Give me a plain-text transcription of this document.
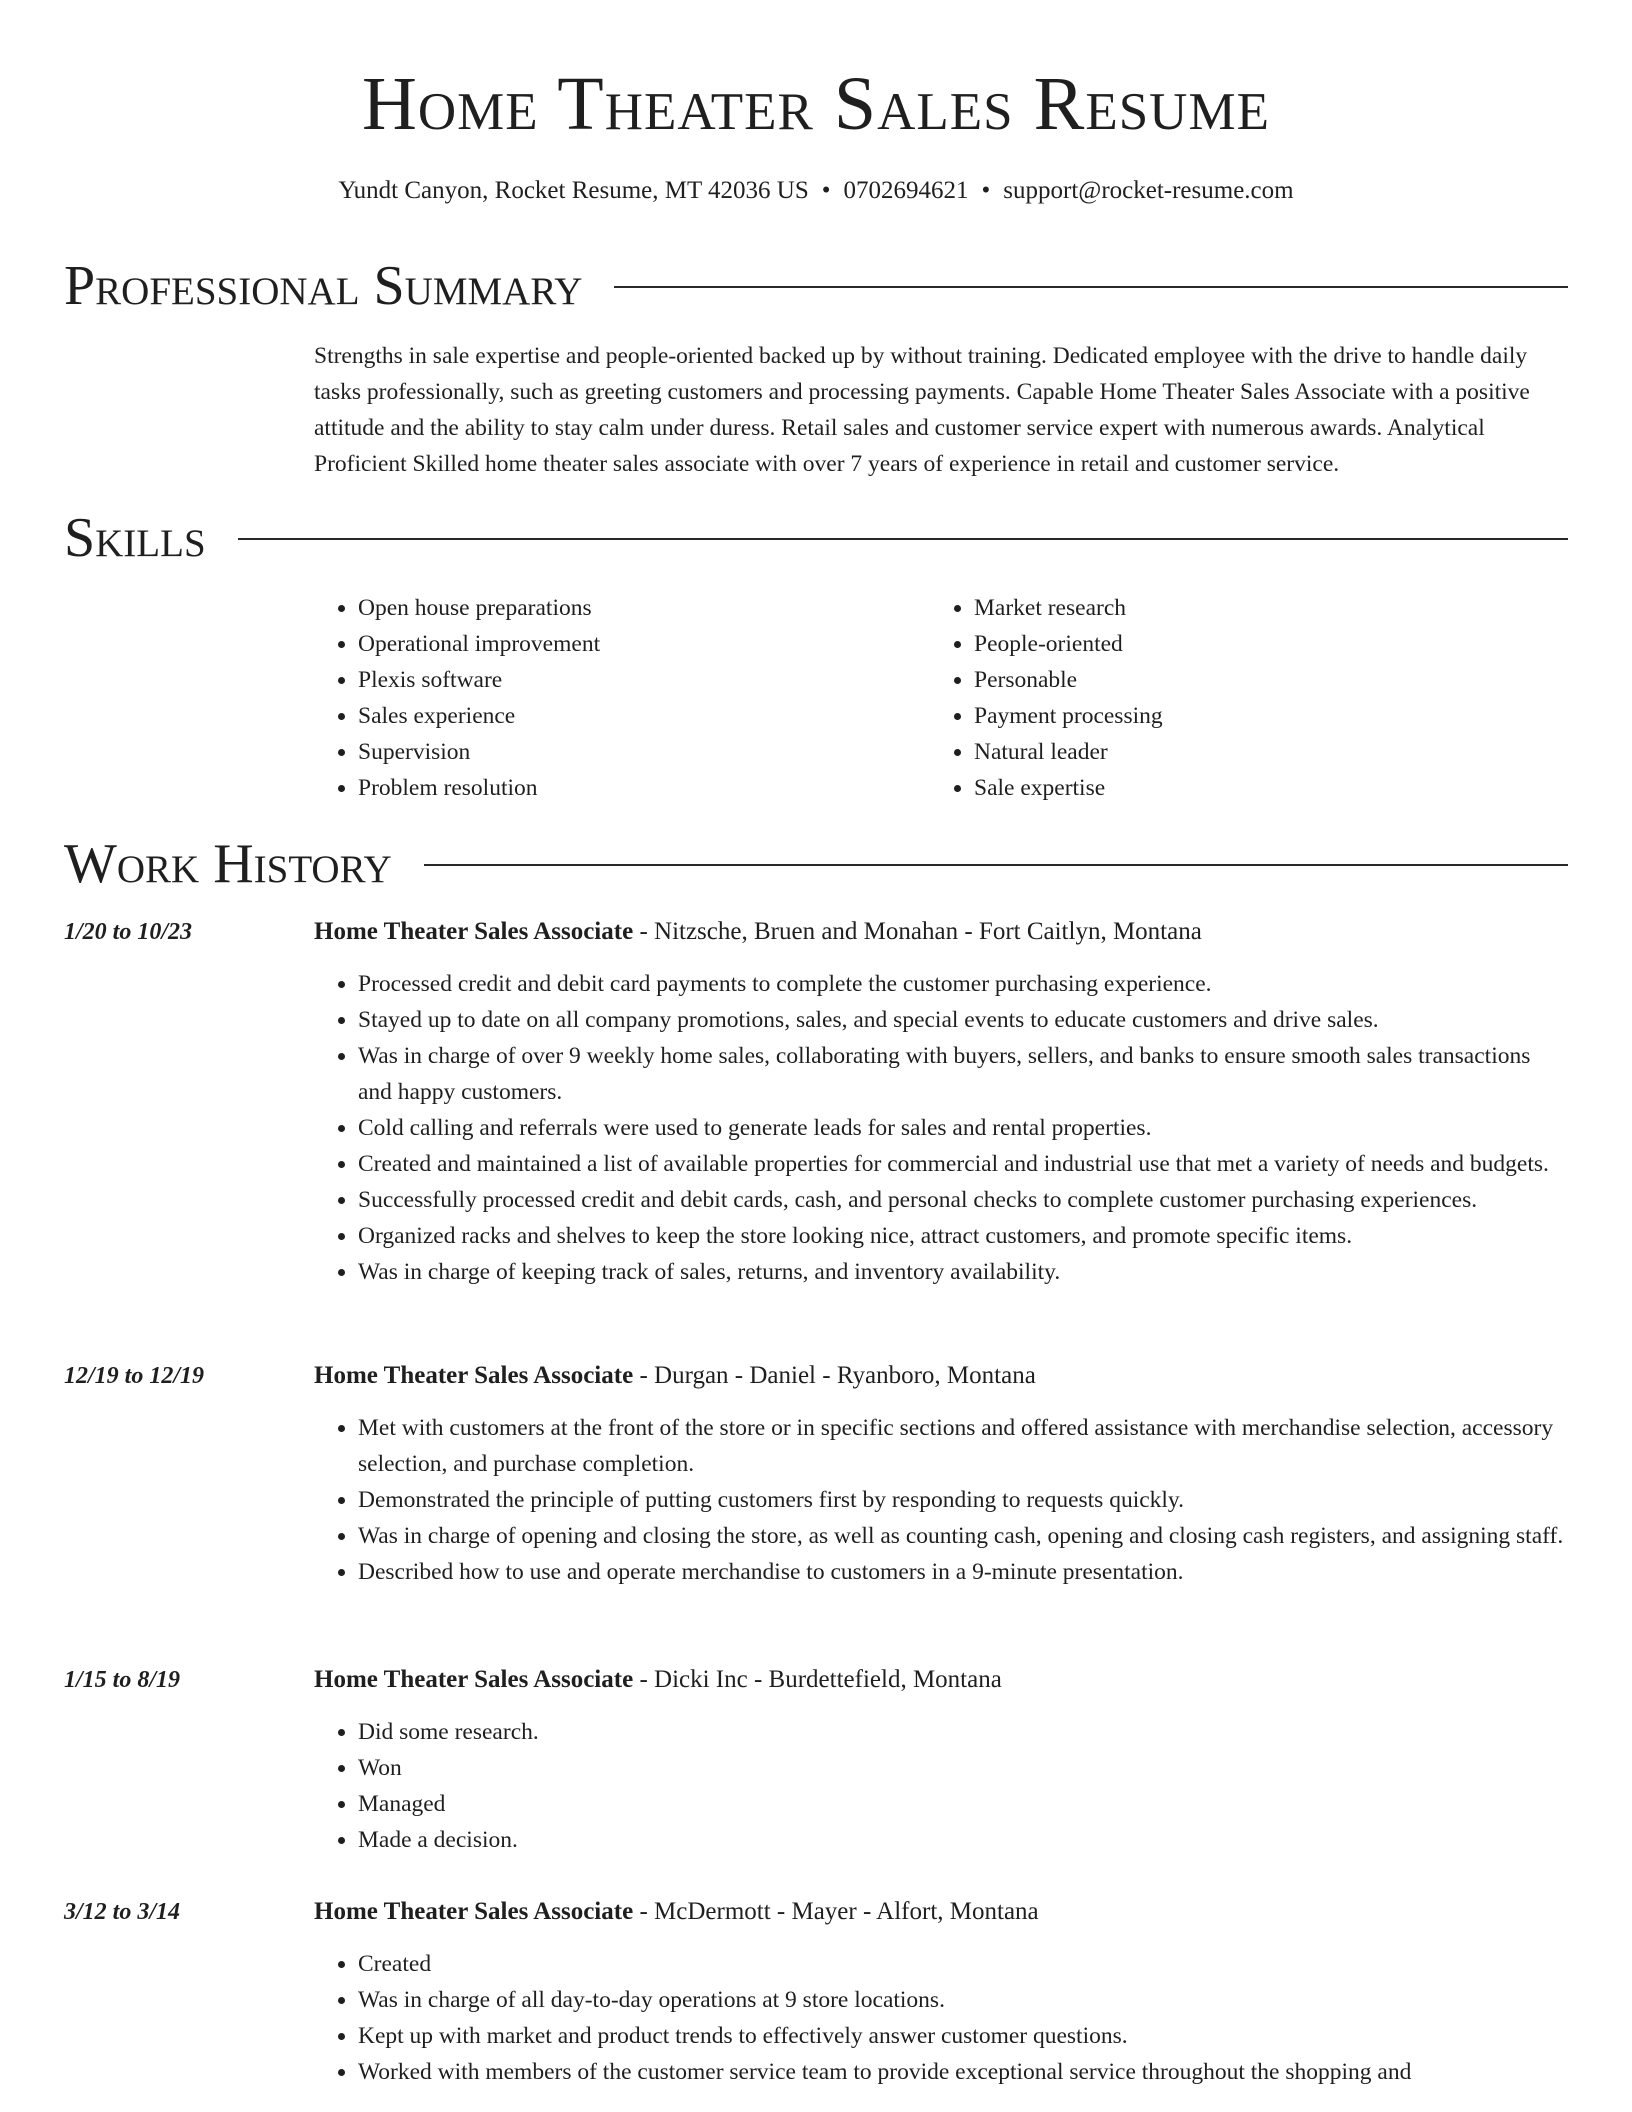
Home Theater Sales Resume
Yundt Canyon, Rocket Resume, MT 42036 US • 0702694621 • support@rocket-resume.com
Professional Summary

Strengths in sale expertise and people-oriented backed up by without training. Dedicated employee with the drive to handle daily tasks professionally, such as greeting customers and processing payments. Capable Home Theater Sales Associate with a positive attitude and the ability to stay calm under duress. Retail sales and customer service expert with numerous awards. Analytical Proficient Skilled home theater sales associate with over 7 years of experience in retail and customer service.

Skills
• Open house preparations
• Operational improvement
• Plexis software
• Sales experience
• Supervision
• Problem resolution
• Market research
• People-oriented
• Personable
• Payment processing
• Natural leader
• Sale expertise
Work History
1/20 to 10/23	Home Theater Sales Associate - Nitzsche, Bruen and Monahan - Fort Caitlyn, Montana
• Processed credit and debit card payments to complete the customer purchasing experience.
• Stayed up to date on all company promotions, sales, and special events to educate customers and drive sales.
• Was in charge of over 9 weekly home sales, collaborating with buyers, sellers, and banks to ensure smooth sales transactions and happy customers.
• Cold calling and referrals were used to generate leads for sales and rental properties.
• Created and maintained a list of available properties for commercial and industrial use that met a variety of needs and budgets.
• Successfully processed credit and debit cards, cash, and personal checks to complete customer purchasing experiences.
• Organized racks and shelves to keep the store looking nice, attract customers, and promote specific items.
• Was in charge of keeping track of sales, returns, and inventory availability.
12/19 to 12/19	Home Theater Sales Associate - Durgan - Daniel - Ryanboro, Montana
• Met with customers at the front of the store or in specific sections and offered assistance with merchandise selection, accessory selection, and purchase completion.
• Demonstrated the principle of putting customers first by responding to requests quickly.
• Was in charge of opening and closing the store, as well as counting cash, opening and closing cash registers, and assigning staff.
• Described how to use and operate merchandise to customers in a 9-minute presentation.
1/15 to 8/19	Home Theater Sales Associate - Dicki Inc - Burdettefield, Montana
• Did some research.
• Won
• Managed
• Made a decision.
3/12 to 3/14	Home Theater Sales Associate - McDermott - Mayer - Alfort, Montana
• Created
• Was in charge of all day-to-day operations at 9 store locations.
• Kept up with market and product trends to effectively answer customer questions.
• Worked with members of the customer service team to provide exceptional service throughout the shopping and
